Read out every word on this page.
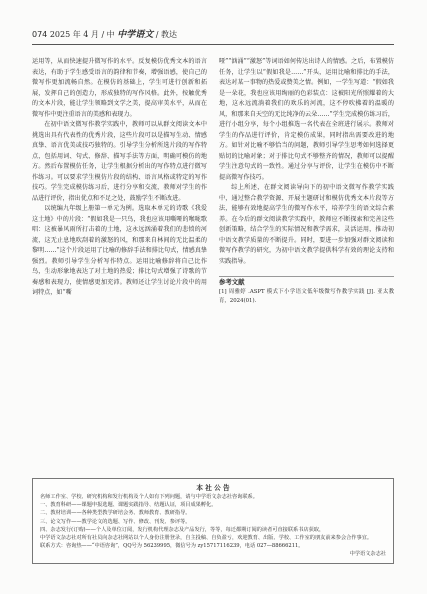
074 2025 年 4 月 / 中 中学语文 / 教达

运用等，从而快速提升微写作的水平。反复模仿优秀文本的语言表达，有助于学生感受语言的韵律和节奏，增强语感，使自己的微写作更加流畅自然。在模仿的基础上，学生可进行创新和拓展，发挥自己的创造力，形成独特的写作风格。此外，按触优秀的文本片段，能让学生领略到文学之美，提高审美水平，从而在微写作中更注重语言的美感和表现力。

在初中语文微写作教学实践中，教师可以从群文阅读文本中挑选出具有代表性的优秀片段，这些片段可以是描写生动、情感真挚、语言优美或技巧独特的。引导学生分析所选片段的写作特点，包括用词、句式、修辞、描写手法等方面，明确可模仿的地方。然后布置模仿任务，让学生根据分析出的写作特点进行微写作练习。可以要求学生模仿片段的结构、语言风格或特定的写作技巧。学生完成模仿练习后，进行分享和交流，教师对学生的作品进行评价，指出优点和不足之处，鼓励学生不断改进。

以统编九年级上册第一单元为例。选取本单元的诗歌《我爱这土地》中的片段：“假如我是一只鸟，我也应该用嘶哑的喉咙歌唱：这被暴风雨所打击着的土地，这永远汹涌着我们的悲愤的河流，这无止息地吹刮着的激怒的风，和那来自林间的无比温柔的黎明……”这个片段运用了比喻的修辞手法和排比句式，情感真挚强烈。教师引导学生分析写作特点。运用比喻修辞将自己比作鸟，生动形象地表达了对土地的热爱；排比句式增强了诗歌的节奏感和表现力，使情感更加充沛。教师还让学生讨论片段中的用词特点，如“嘶

哑”“汹涌”“激怒”等词语如何传达出诗人的情感。之后，布置模仿任务，让学生以“假如我是……”开头，运用比喻和排比的手法，表达对某一事物的热爱或赞美之情。例如，一学生写道：“假如我是一朵花，我也应该用绚丽的色彩装点：这被阳光所照耀着的大地，这永远流淌着我们的欢乐的河流，这不停吹拂着的温暖的风，和那来自天空的无比纯净的云朵……”学生完成模仿练习后，进行小组分享，每个小组推选一名代表在全班进行展示。教师对学生的作品进行评价，肯定模仿成果，同时指出需要改进的地方。如针对比喻不够恰当的问题，教师引导学生思考如何选择更贴切的比喻对象；对于排比句式不够整齐的情况，教师可以提醒学生注意句式的一致性。通过分享与评价，让学生在模仿中不断提高微写作技巧。

综上所述，在群文阅读导向下的初中语文微写作教学实践中，通过整合教学资源、开展主题研讨和模仿优秀文本片段等方法，能够有效地提高学生的微写作水平，培养学生的语文综合素养。在今后的群文阅读教学实践中，教师应不断探索和完善这些创新策略，结合学生的实际情况和教学需求，灵活运用，推动初中语文教学质量的不断提升。同时，要进一步加强对群文阅读和微写作教学的研究，为初中语文教学提供科学有效的理论支持和实践指导。

参考文献

[1] 周雅婷 .ASPT 模式下小学语文低年级微写作教学实践 [J]. 亚太教育，2024(01).

本 社 公 告
名师工作室、学校、研究机构和发行机构及个人如有下列问题，请与中学语文杂志社咨询联系。
一、教育科研——课题申报选题、课题实践指导、结题认证，项目成果孵化。
二、教材培训——各种类型教学研培会务、教师教育、教研指导。
三、论文写作——教学论文的选题、写作、修改、刊发、参评等。
四、杂志发行(订购)——个人及单位订阅，发行机构代理杂志及产品发行，等等，每迁都期订阅的读者可直接联系书店获取，
中学语文杂志社对所有社员向杂志社网站以个人身份注册登录，自主投稿、自负盈亏，欢迎教育、出版、学校、工作室的朋友前来参会合作事宜。
联系方式：咨询热——“中语咨询”，QQ号为 56239995，微信号为 zy15717116239，电话 027—88666211。
中学语文杂志社
